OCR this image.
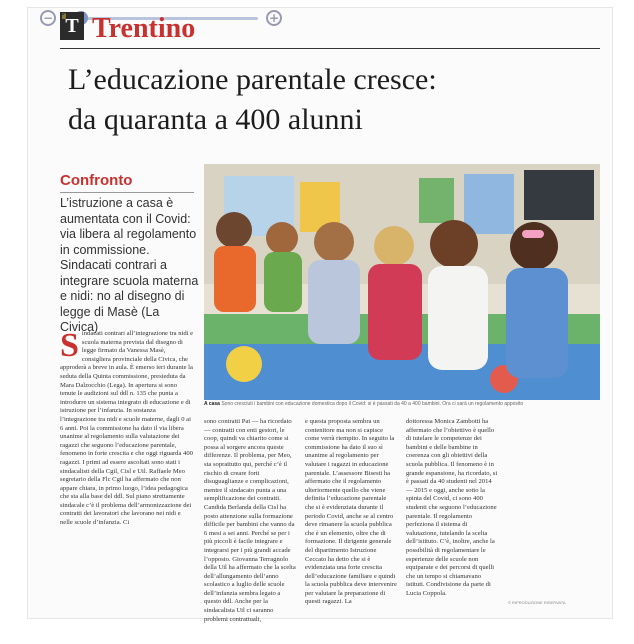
−	+
il T Trentino
L’educazione parentale cresce:
da quaranta a 400 alunni
Confronto
L’istruzione a casa è aumentata con il Covid: via libera al regolamento in commissione. Sindacati contrari a integrare scuola materna e nidi: no al disegno di legge di Masè (La Civica)
A casa Sono cresciuti i bambini con educazione domestica dopo il Covid: si è passati da 40 a 400 bambini. Ora ci sarà un regolamento apposito
S indacati contrari all’integrazione tra nidi e scuola materna prevista dal disegno di legge firmato da Vanessa Masè, consigliera provinciale della Civica, che approderà a breve in aula. È emerso ieri durante la seduta della Quinta commissione, presieduta da Mara Dalzocchio (Lega). In apertura si sono tenute le audizioni sul ddl n. 135 che punta a introdurre un sistema integrato di educazione e di istruzione per l’infanzia. In sostanza l’integrazione tra nidi e scuole materne, dagli 0 ai 6 anni. Poi la commissione ha dato il via libera unanime al regolamento sulla valutazione dei ragazzi che seguono l’educazione parentale, fenomeno in forte crescita e che oggi riguarda 400 ragazzi. I primi ad essere ascoltati sono stati i sindacalisti della Cgil, Cisl e Uil. Raffaele Meo segretario della Flc Cgil ha affermato che non appare chiara, in primo luogo, l’idea pedagogica che sta alla base del ddl. Sul piano strettamente sindacale c’è il problema dell’armonizzazione dei contratti dei lavoratori che lavorano nei nidi e nelle scuole d’infanzia. Ci
sono contratti Pat — ha ricordato — contratti con enti gestori, le coop, quindi va chiarito come si possa al sorgere ancora queste differenze. Il problema, per Meo, sta soprattutto qui, perché c’è il rischio di creare forti disuguaglianze e complicazioni, mentre il sindacato punta a una semplificazione dei contratti. Candida Berlanda della Cisl ha posto attenzione sulla formazione difficile per bambini che vanno da 6 mesi a sei anni. Perché se per i più piccoli è facile integrare e integrarsi per i più grandi accade l’opposto. Giovanna Terragnolo della Uil ha affermato che la scelta dell’allungamento dell’anno scolastico a luglio delle scuole dell’infanzia sembra legato a questo ddl. Anche per la sindacalista Uil ci saranno problemi contrattuali,
e questa proposta sembra un contenitore ma non si capisce come verrà riempito. In seguito la commissione ha dato il suo sì unanime al regolamento per valutare i ragazzi in educazione parentale. L’assessore Bisesti ha affermato che il regolamento ulteriormente quello che viene definita l’educazione parentale che si è evidenziata durante il periodo Covid, anche se al centro deve rimanere la scuola pubblica che è un elemento, oltre che di formazione. Il dirigente generale del dipartimento Istruzione Ceccato ha detto che si è evidenziata una forte crescita dell’educazione familiare e quindi la scuola pubblica deve intervenire per valutare la preparazione di questi ragazzi. La
dottoressa Monica Zambotti ha affermato che l’obiettivo è quello di tutelare le competenze dei bambini e delle bambine in coerenza con gli obiettivi della scuola pubblica. Il fenomeno è in grande espansione, ha ricordato, si è passati da 40 studenti nel 2014 — 2015 e oggi, anche sotto la spinta del Covid, ci sono 400 studenti che seguono l’educazione parentale. Il regolamento perfeziona il sistema di valutazione, tutelando la scelta dell’istituto. C’è, inoltre, anche la possibilità di regolamentare le esperienze delle scuole non equiparate e dei percorsi di quelli che un tempo si chiamavano istituti. Condivisione da parte di Lucia Coppola.
© RIPRODUZIONE RISERVATA
